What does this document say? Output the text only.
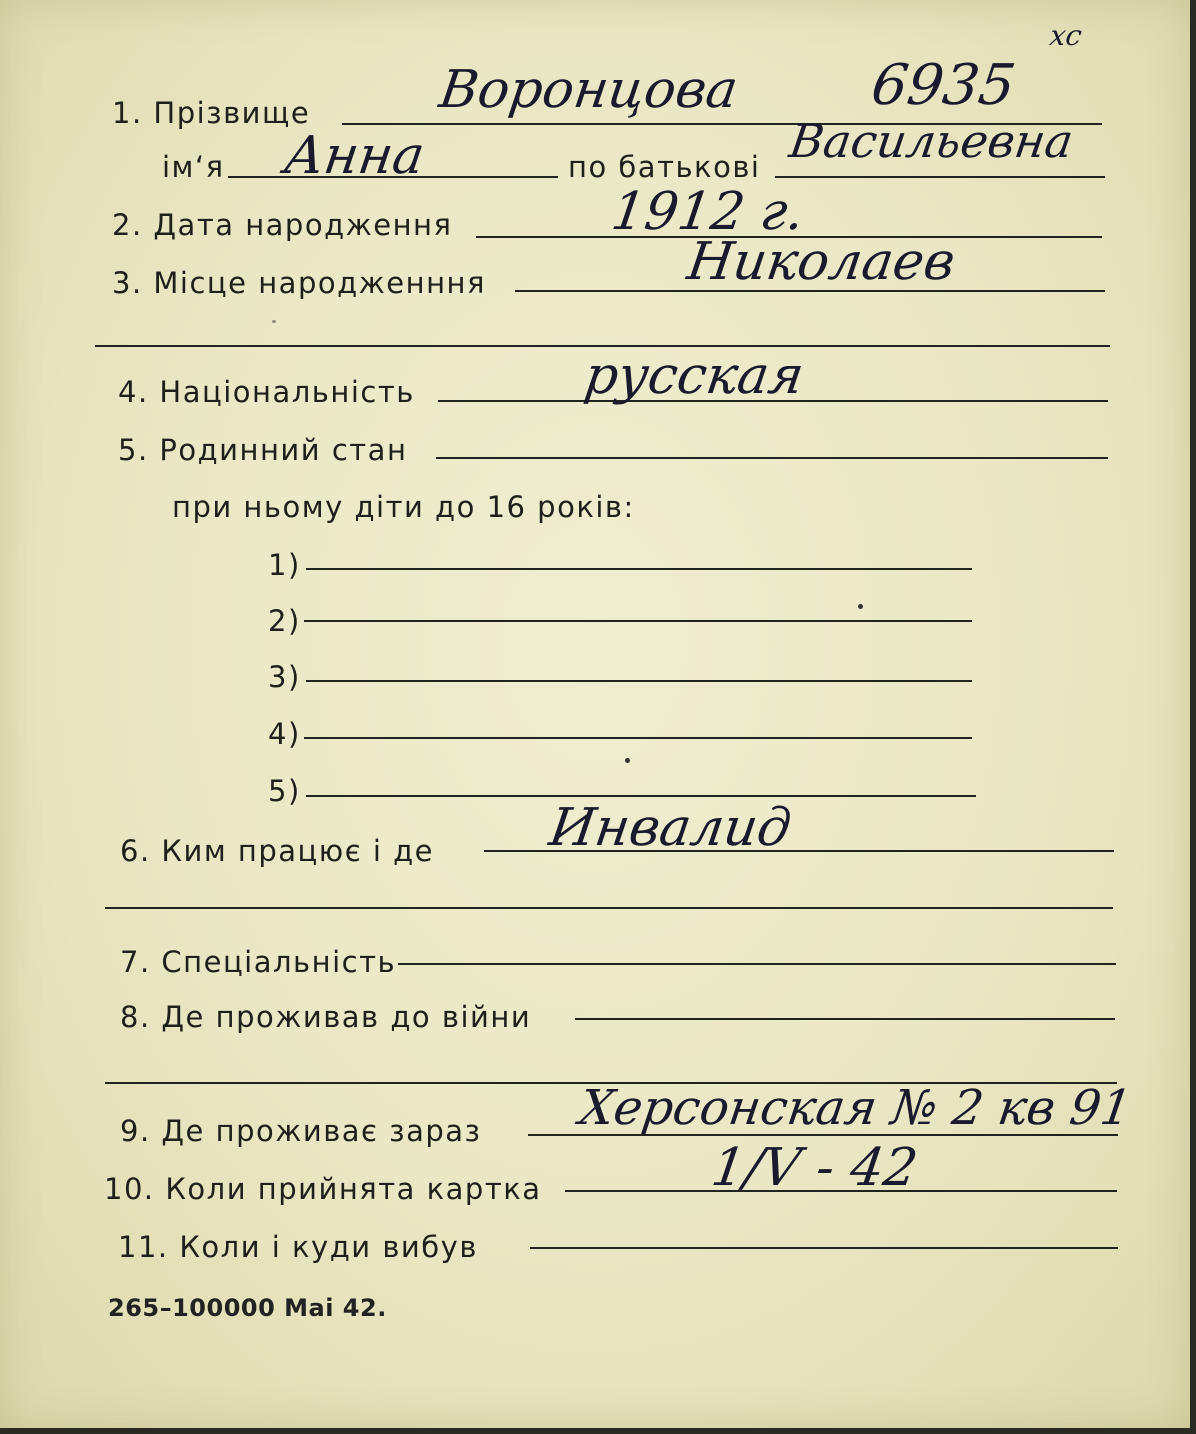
1. Прізвище Воронцова 6935
хс
ім‘я Анна	по батькові Васильевна
2. Дата народження	1912 г.
3. Місце народженння	Николаев
4. Національність	русская
5. Родинний стан
при ньому діти до 16 років:
1)
2)
3)
4)
5)
6. Ким працює і де Инвалид
7. Спеціальність
8. Де проживав до війни
9. Де проживає зараз Херсонская № 2 кв 91
10. Коли прийнята картка	1/V - 42
11. Коли і куди вибув
265–100000 Mai 42.
